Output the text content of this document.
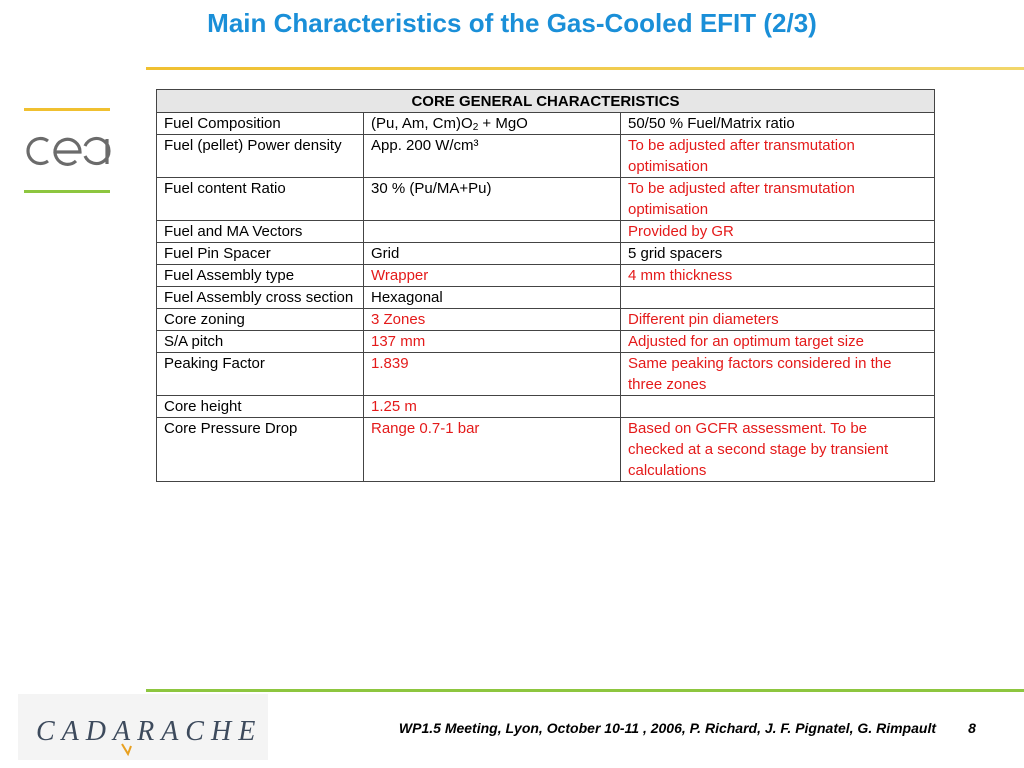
Main Characteristics of the Gas-Cooled EFIT (2/3)
CORE GENERAL CHARACTERISTICS		
Fuel Composition	(Pu, Am, $Cm)O_2$ + MgO	50/50 % Fuel/Matrix ratio
Fuel (pellet) Power density	App. 200 W/cm³	To be adjusted after transmutation optimisation
Fuel content Ratio	30 % (Pu/MA+Pu)	To be adjusted after transmutation optimisation
Fuel and MA Vectors		Provided by GR
Fuel Pin Spacer	Grid	5 grid spacers
Fuel Assembly type	Wrapper	4 mm thickness
Fuel Assembly cross section	Hexagonal	
Core zoning	3 Zones	Different pin diameters
S/A pitch	137 mm	Adjusted for an optimum target size
Peaking Factor	1.839	Same peaking factors considered in the three zones
Core height	1.25 m	
Core Pressure Drop	Range 0.7-1 bar	Based on GCFR assessment. To be checked at a second stage by transient calculations
CADARACHE	WP1.5 Meeting, Lyon, October 10-11 , 2006, P. Richard, J. F. Pignatel, G. Rimpault	8
